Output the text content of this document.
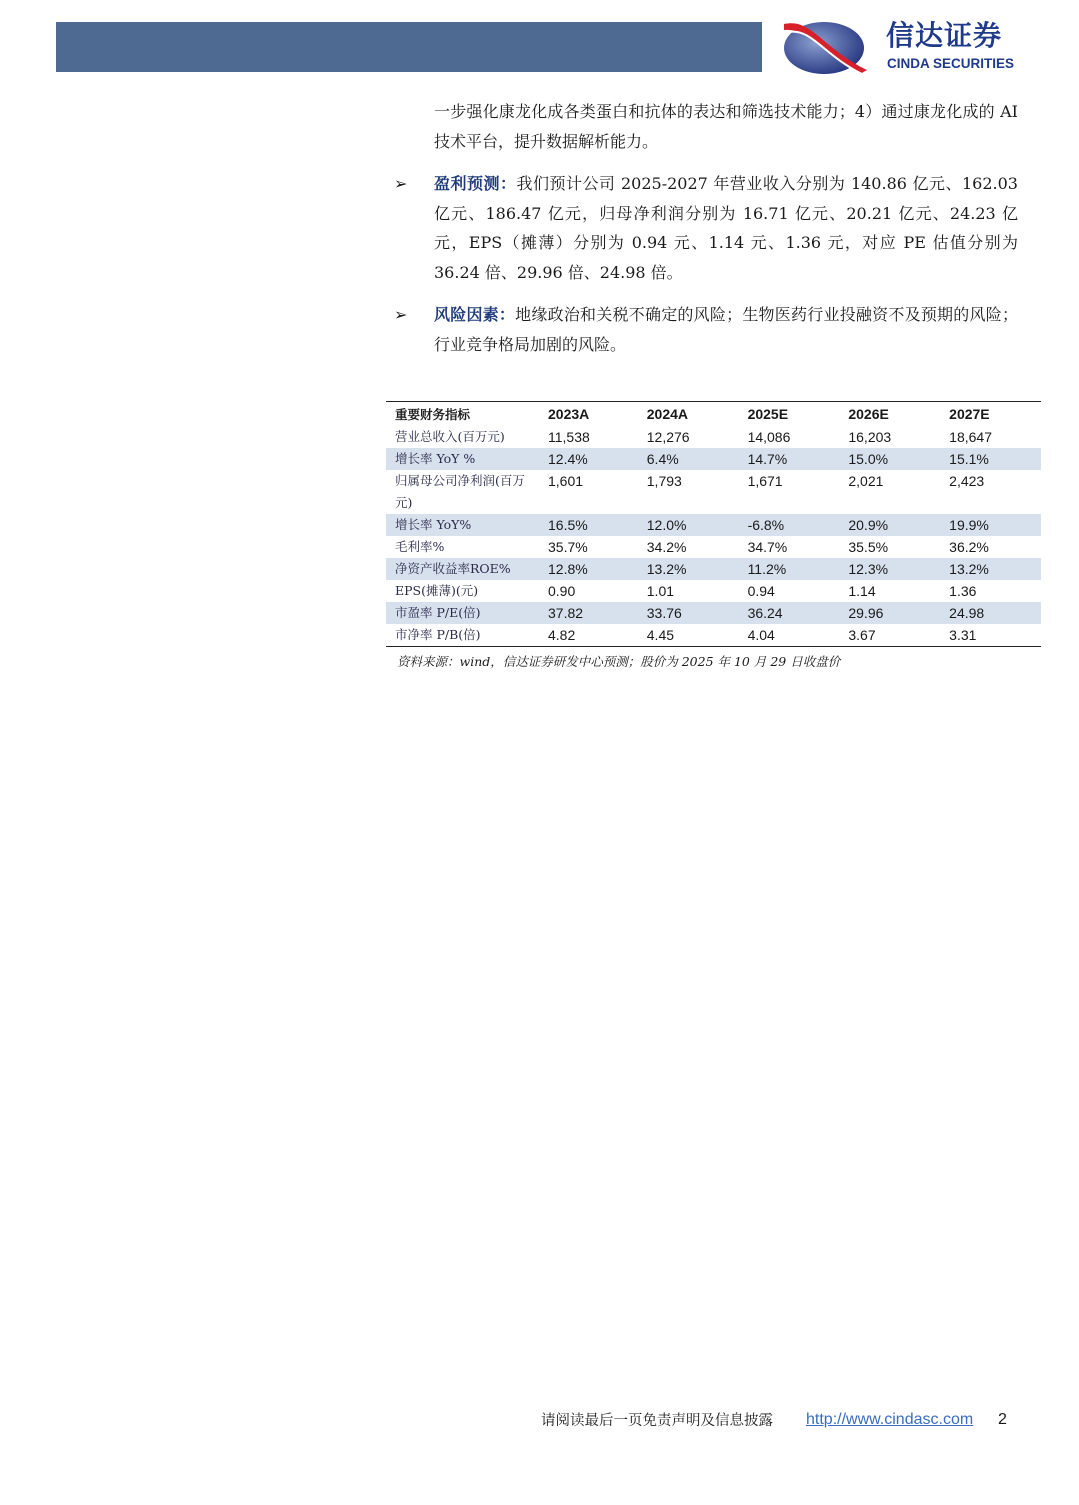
信达证券
CINDA SECURITIES
一步强化康龙化成各类蛋白和抗体的表达和筛选技术能力；4）通过康龙化成的 AI 技术平台，提升数据解析能力。
➢ 盈利预测：我们预计公司 2025-2027 年营业收入分别为 140.86 亿元、162.03 亿元、186.47 亿元，归母净利润分别为 16.71 亿元、20.21 亿元、24.23 亿元，EPS（摊薄）分别为 0.94 元、1.14 元、1.36 元，对应 PE 估值分别为 36.24 倍、29.96 倍、24.98 倍。
➢ 风险因素：地缘政治和关税不确定的风险；生物医药行业投融资不及预期的风险；行业竞争格局加剧的风险。
重要财务指标	2023A	2024A	2025E	2026E	2027E
营业总收入(百万元)	11,538	12,276	14,086	16,203	18,647
增长率 YoY %	12.4%	6.4%	14.7%	15.0%	15.1%
归属母公司净利润(百万元)	1,601	1,793	1,671	2,021	2,423
增长率 YoY%	16.5%	12.0%	-6.8%	20.9%	19.9%
毛利率%	35.7%	34.2%	34.7%	35.5%	36.2%
净资产收益率ROE%	12.8%	13.2%	11.2%	12.3%	13.2%
EPS(摊薄)(元)	0.90	1.01	0.94	1.14	1.36
市盈率 P/E(倍)	37.82	33.76	36.24	29.96	24.98
市净率 P/B(倍)	4.82	4.45	4.04	3.67	3.31
资料来源：wind，信达证券研发中心预测；股价为 2025 年 10 月 29 日收盘价
请阅读最后一页免责声明及信息披露 http://www.cindasc.com 2
